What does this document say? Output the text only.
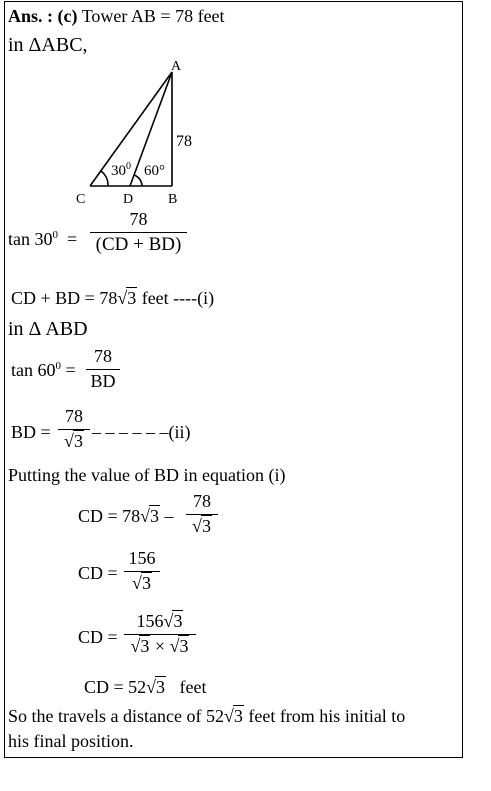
Ans. : (c) Tower AB = 78 feet
in ΔABC,
A
78
$30^0$ 60°
C	D B
$\tan 30^0$ =
78
(CD + BD)
CD + BD = 78√3 feet ----(i)
in Δ ABD
$\tan 60^0$ =
78
BD
BD =
78
√3 – – – – – –(ii)
Putting the value of BD in equation (i)
CD = 78√3 –
78
√3
CD =
156
√3
CD =
156√3
√3 × √3
CD = 52√3 feet
So the travels a distance of 52√3 feet from his initial to
his final position.
